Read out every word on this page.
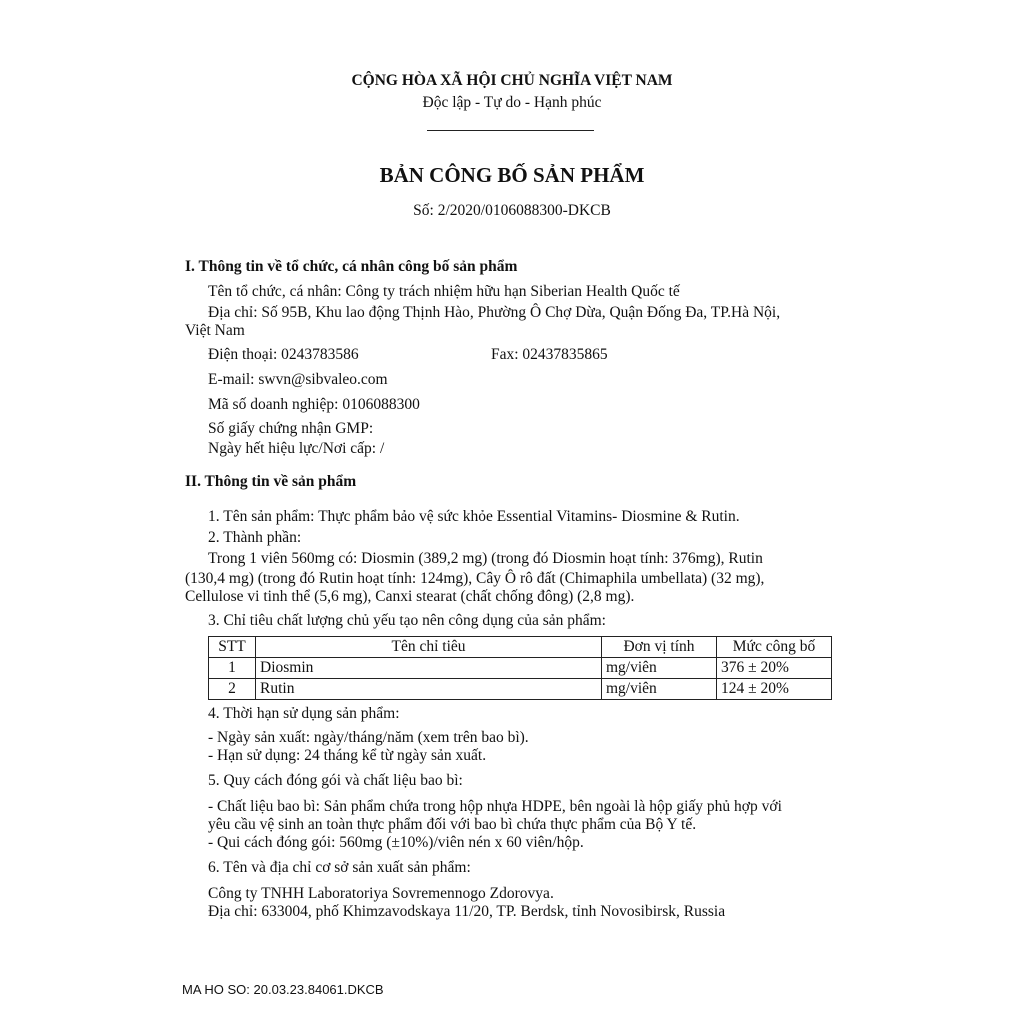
CỘNG HÒA XÃ HỘI CHỦ NGHĨA VIỆT NAM
Độc lập - Tự do - Hạnh phúc
BẢN CÔNG BỐ SẢN PHẨM
Số: 2/2020/0106088300-DKCB
I. Thông tin về tổ chức, cá nhân công bố sản phẩm
Tên tổ chức, cá nhân: Công ty trách nhiệm hữu hạn Siberian Health Quốc tế
Địa chỉ: Số 95B, Khu lao động Thịnh Hào, Phường Ô Chợ Dừa, Quận Đống Đa, TP.Hà Nội,
Việt Nam
Điện thoại: 0243783586	Fax: 02437835865
E-mail: swvn@sibvaleo.com
Mã số doanh nghiệp: 0106088300
Số giấy chứng nhận GMP:
Ngày hết hiệu lực/Nơi cấp: /
II. Thông tin về sản phẩm
1. Tên sản phẩm: Thực phẩm bảo vệ sức khỏe Essential Vitamins- Diosmine & Rutin.
2. Thành phần:
Trong 1 viên 560mg có: Diosmin (389,2 mg) (trong đó Diosmin hoạt tính: 376mg), Rutin
(130,4 mg) (trong đó Rutin hoạt tính: 124mg), Cây Ô rô đất (Chimaphila umbellata) (32 mg),
Cellulose vi tinh thể (5,6 mg), Canxi stearat (chất chống đông) (2,8 mg).
3. Chỉ tiêu chất lượng chủ yếu tạo nên công dụng của sản phẩm:
STT	Tên chỉ tiêu	Đơn vị tính	Mức công bố
1	Diosmin	mg/viên	376 ± 20%
2	Rutin	mg/viên	124 ± 20%
4. Thời hạn sử dụng sản phẩm:
- Ngày sản xuất: ngày/tháng/năm (xem trên bao bì).
- Hạn sử dụng: 24 tháng kể từ ngày sản xuất.
5. Quy cách đóng gói và chất liệu bao bì:
- Chất liệu bao bì: Sản phẩm chứa trong hộp nhựa HDPE, bên ngoài là hộp giấy phủ hợp với
yêu cầu vệ sinh an toàn thực phẩm đối với bao bì chứa thực phẩm của Bộ Y tế.
- Qui cách đóng gói: 560mg (±10%)/viên nén x 60 viên/hộp.
6. Tên và địa chỉ cơ sở sản xuất sản phẩm:
Công ty TNHH Laboratoriya Sovremennogo Zdorovya.
Địa chỉ: 633004, phố Khimzavodskaya 11/20, TP. Berdsk, tỉnh Novosibirsk, Russia
MA HO SO: 20.03.23.84061.DKCB
